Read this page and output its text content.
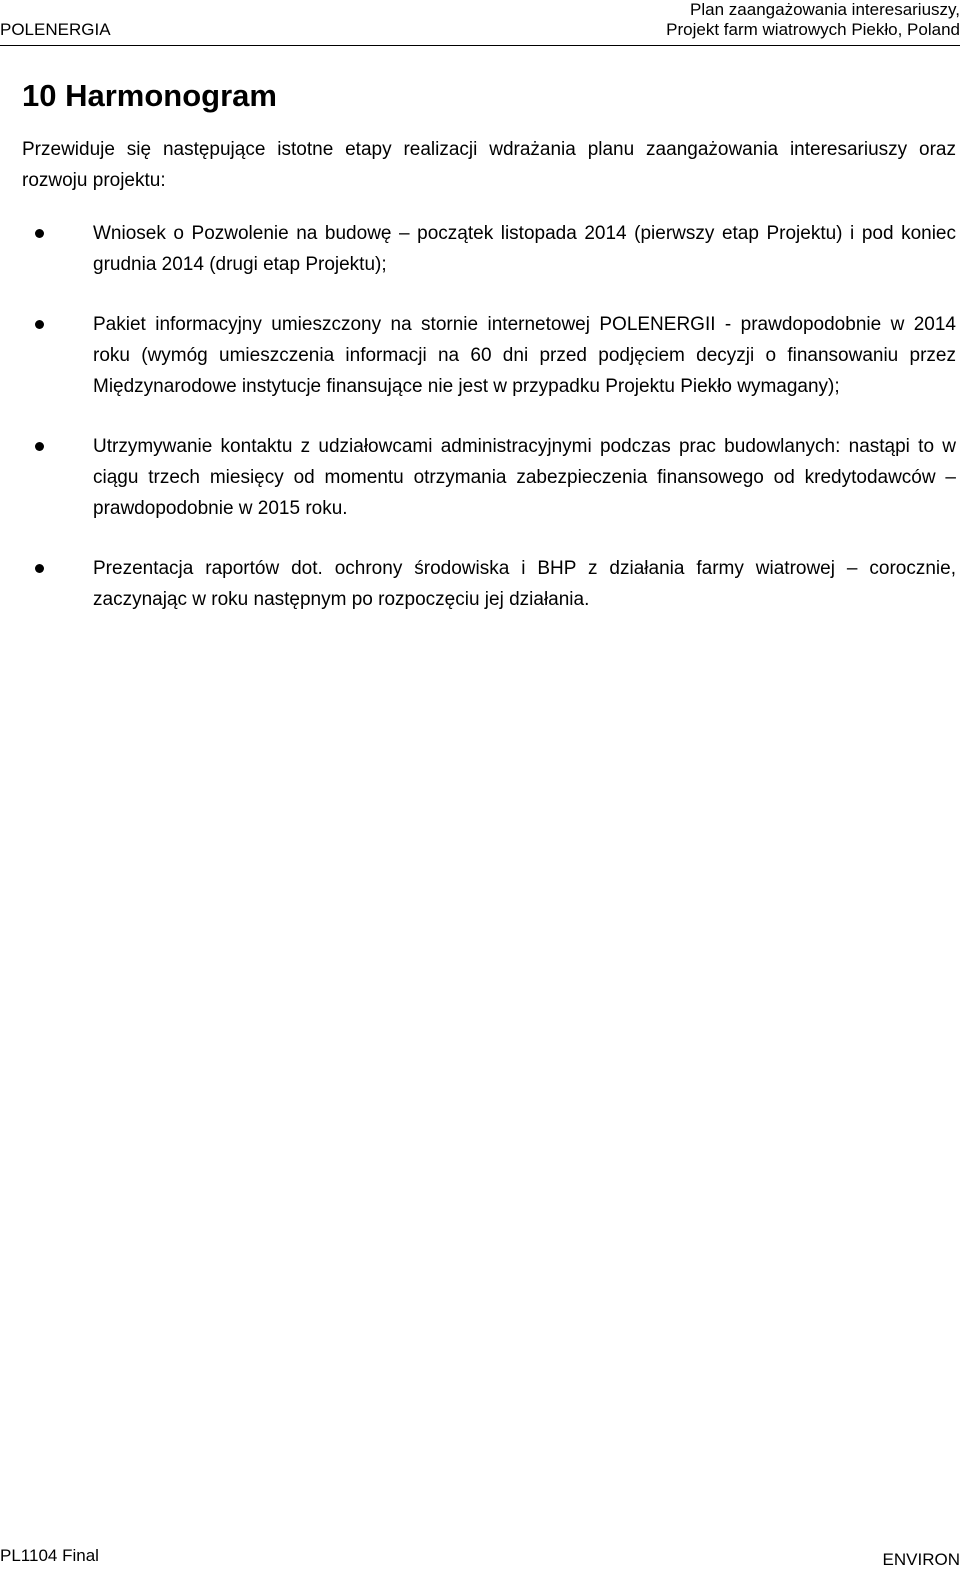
POLENERGIA
Plan zaangażowania interesariuszy,
Projekt farm wiatrowych Piekło, Poland
10 Harmonogram

Przewiduje się następujące istotne etapy realizacji wdrażania planu zaangażowania interesariuszy oraz rozwoju projektu:

Wniosek o Pozwolenie na budowę – początek listopada 2014 (pierwszy etap Projektu) i pod koniec grudnia 2014 (drugi etap Projektu);
Pakiet informacyjny umieszczony na stornie internetowej POLENERGII - prawdopodobnie w 2014 roku (wymóg umieszczenia informacji na 60 dni przed podjęciem decyzji o finansowaniu przez Międzynarodowe instytucje finansujące nie jest w przypadku Projektu Piekło wymagany);
Utrzymywanie kontaktu z udziałowcami administracyjnymi podczas prac budowlanych: nastąpi to w ciągu trzech miesięcy od momentu otrzymania zabezpieczenia finansowego od kredytodawców – prawdopodobnie w 2015 roku.
Prezentacja raportów dot. ochrony środowiska i BHP z działania farmy wiatrowej – corocznie, zaczynając w roku następnym po rozpoczęciu jej działania.
PL1104 Final	ENVIRON
